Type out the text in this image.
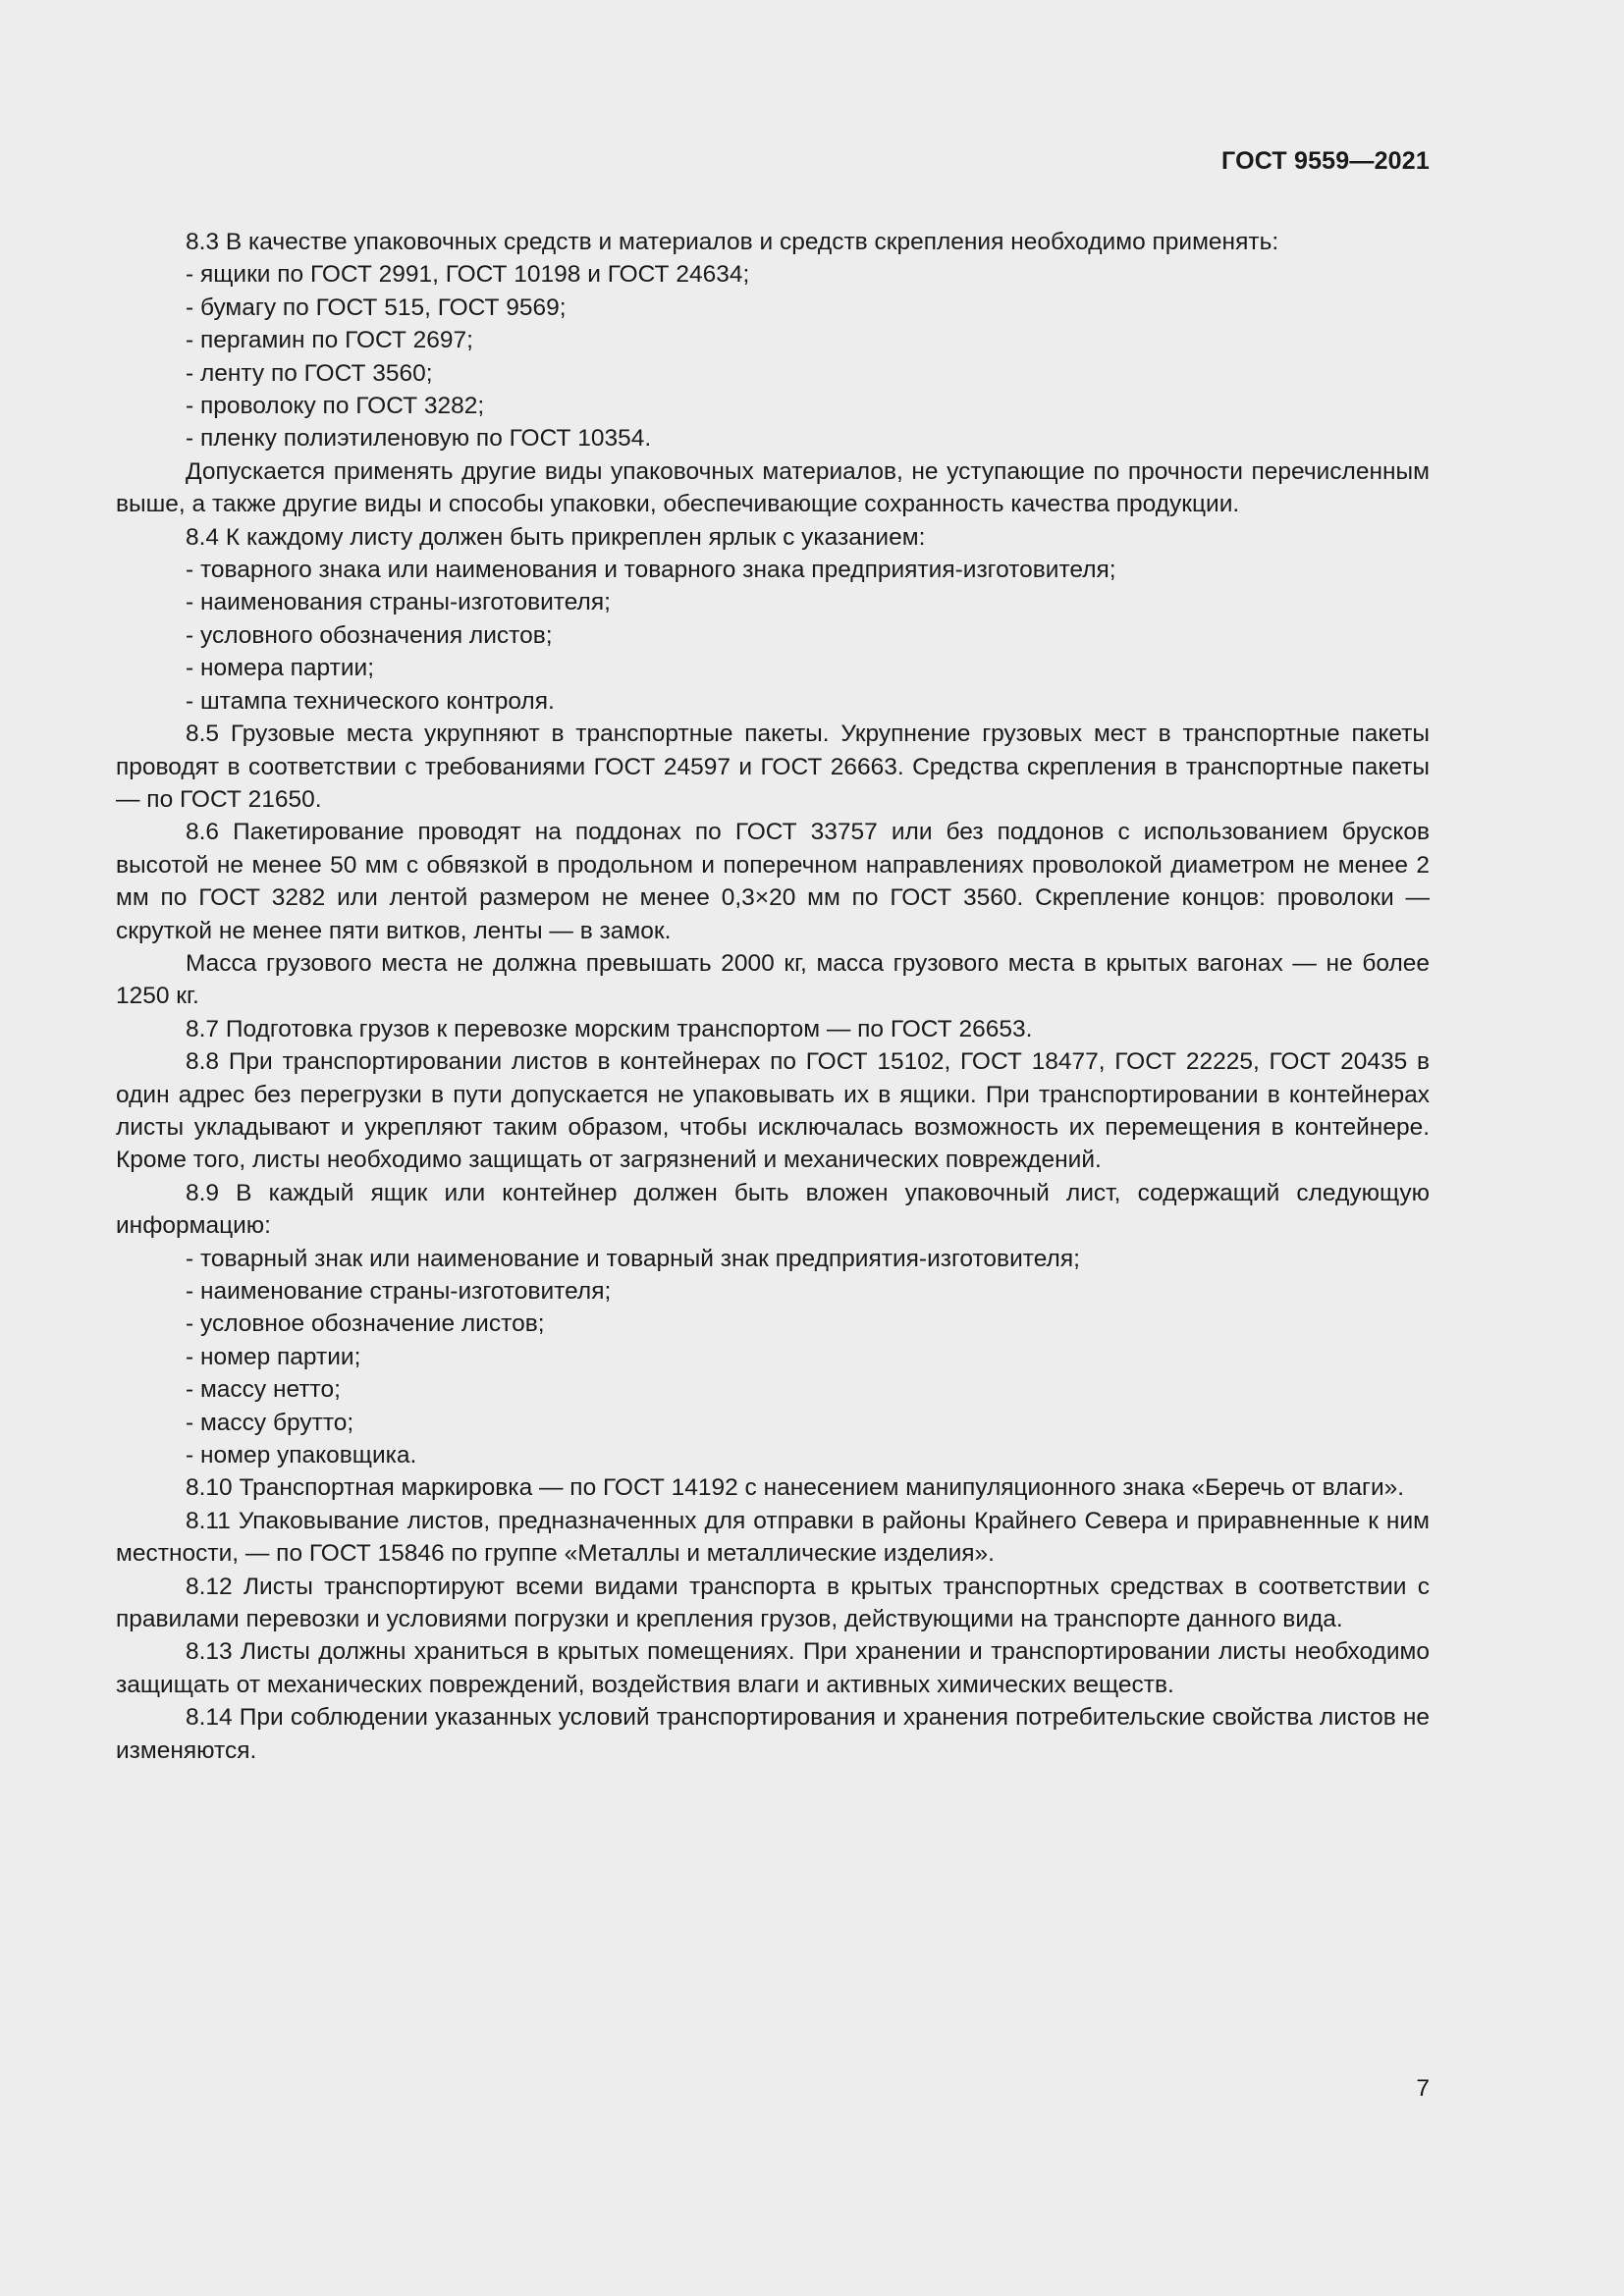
ГОСТ 9559—2021

8.3 В качестве упаковочных средств и материалов и средств скрепления необходимо применять:

- ящики по ГОСТ 2991, ГОСТ 10198 и ГОСТ 24634;

- бумагу по ГОСТ 515, ГОСТ 9569;

- пергамин по ГОСТ 2697;

- ленту по ГОСТ 3560;

- проволоку по ГОСТ 3282;

- пленку полиэтиленовую по ГОСТ 10354.

Допускается применять другие виды упаковочных материалов, не уступающие по прочности перечисленным выше, а также другие виды и способы упаковки, обеспечивающие сохранность качества продукции.

8.4 К каждому листу должен быть прикреплен ярлык с указанием:

- товарного знака или наименования и товарного знака предприятия-изготовителя;

- наименования страны-изготовителя;

- условного обозначения листов;

- номера партии;

- штампа технического контроля.

8.5 Грузовые места укрупняют в транспортные пакеты. Укрупнение грузовых мест в транспортные пакеты проводят в соответствии с требованиями ГОСТ 24597 и ГОСТ 26663. Средства скрепления в транспортные пакеты — по ГОСТ 21650.

8.6 Пакетирование проводят на поддонах по ГОСТ 33757 или без поддонов с использованием брусков высотой не менее 50 мм с обвязкой в продольном и поперечном направлениях проволокой диаметром не менее 2 мм по ГОСТ 3282 или лентой размером не менее 0,3×20 мм по ГОСТ 3560. Скрепление концов: проволоки — скруткой не менее пяти витков, ленты — в замок.

Масса грузового места не должна превышать 2000 кг, масса грузового места в крытых вагонах — не более 1250 кг.

8.7 Подготовка грузов к перевозке морским транспортом — по ГОСТ 26653.

8.8 При транспортировании листов в контейнерах по ГОСТ 15102, ГОСТ 18477, ГОСТ 22225, ГОСТ 20435 в один адрес без перегрузки в пути допускается не упаковывать их в ящики. При транспортировании в контейнерах листы укладывают и укрепляют таким образом, чтобы исключалась возможность их перемещения в контейнере. Кроме того, листы необходимо защищать от загрязнений и механических повреждений.

8.9 В каждый ящик или контейнер должен быть вложен упаковочный лист, содержащий следующую информацию:

- товарный знак или наименование и товарный знак предприятия-изготовителя;

- наименование страны-изготовителя;

- условное обозначение листов;

- номер партии;

- массу нетто;

- массу брутто;

- номер упаковщика.

8.10 Транспортная маркировка — по ГОСТ 14192 с нанесением манипуляционного знака «Беречь от влаги».

8.11 Упаковывание листов, предназначенных для отправки в районы Крайнего Севера и приравненные к ним местности, — по ГОСТ 15846 по группе «Металлы и металлические изделия».

8.12 Листы транспортируют всеми видами транспорта в крытых транспортных средствах в соответствии с правилами перевозки и условиями погрузки и крепления грузов, действующими на транспорте данного вида.

8.13 Листы должны храниться в крытых помещениях. При хранении и транспортировании листы необходимо защищать от механических повреждений, воздействия влаги и активных химических веществ.

8.14 При соблюдении указанных условий транспортирования и хранения потребительские свойства листов не изменяются.

7
